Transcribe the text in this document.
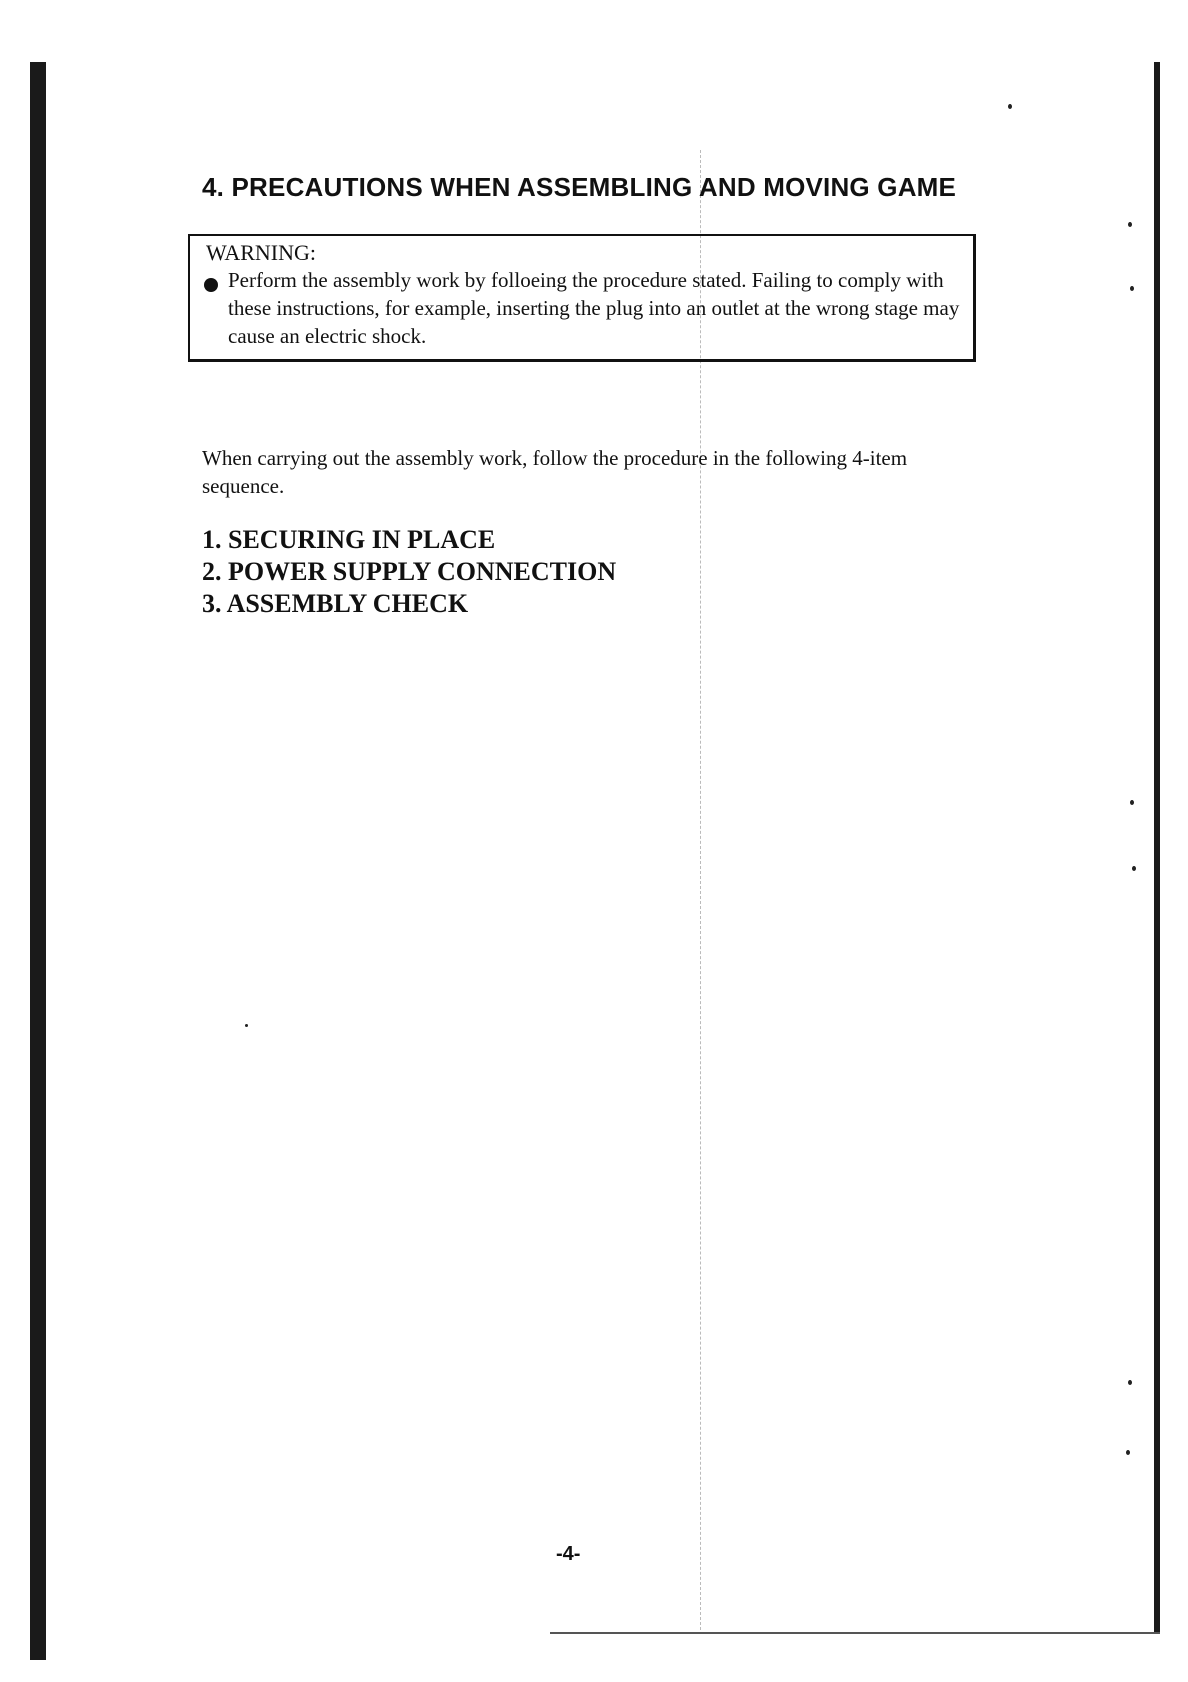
4. PRECAUTIONS WHEN ASSEMBLING AND MOVING GAME
WARNING:
Perform the assembly work by folloeing the procedure stated. Failing to comply with these instructions, for example, inserting the plug into an outlet at the wrong stage may cause an electric shock.

When carrying out the assembly work, follow the procedure in the following 4-item sequence.

1. SECURING IN PLACE
2. POWER SUPPLY CONNECTION
3. ASSEMBLY CHECK
-4-
